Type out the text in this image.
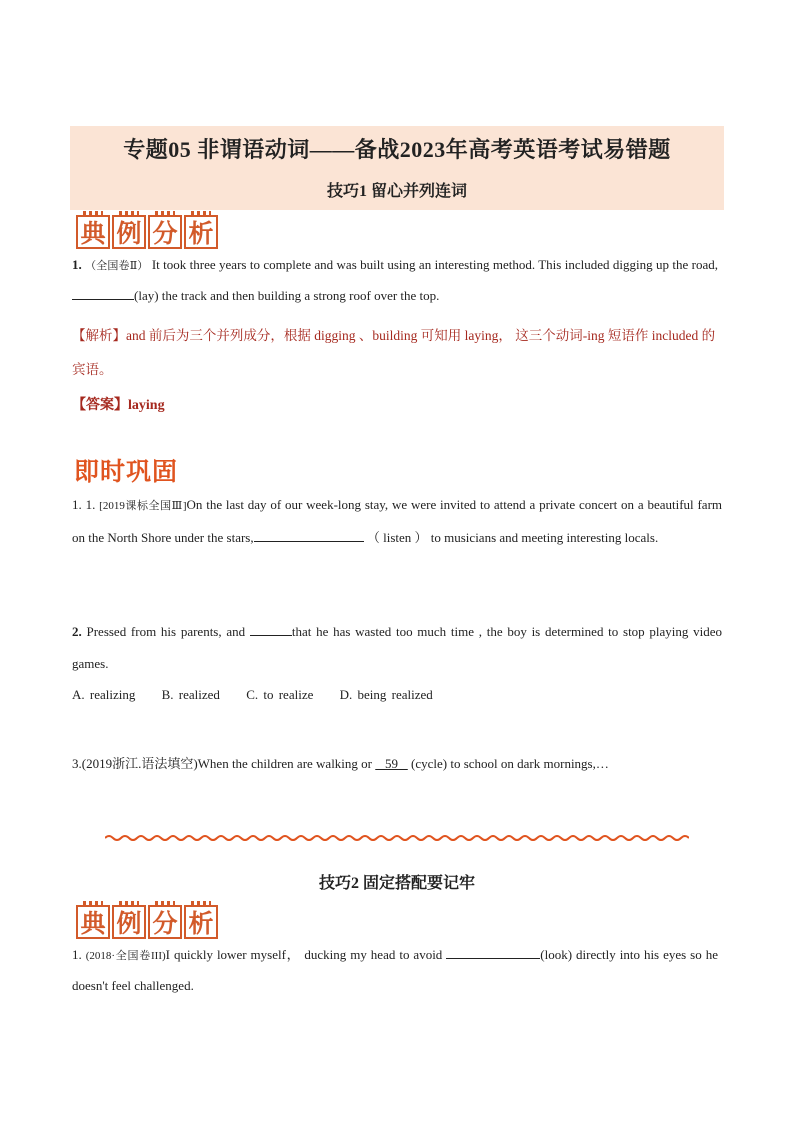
专题05 非谓语动词——备战2023年高考英语考试易错题
技巧1 留心并列连词
典 例 分 析
1. （全国卷Ⅱ） It took three years to complete and was built using an interesting method. This included digging up the road, (lay) the track and then building a strong roof over the top.
【解析】and 前后为三个并列成分，根据 digging 、building 可知用 laying， 这三个动词-ing 短语作 included 的宾语。
【答案】laying
即时巩固
1. 1. [2019课标全国Ⅲ]On the last day of our week-long stay, we were invited to attend a private concert on a beautiful farm on the North Shore under the stars,	（ listen ） to musicians and meeting interesting locals.
2. Pressed from his parents, and	that he has wasted too much time , the boy is determined to stop playing video games.
A. realizing B. realized C. to realize D. being realized
3.(2019浙江.语法填空)When the children are walking or 59 (cycle) to school on dark mornings,…
技巧2 固定搭配要记牢
典 例 分 析
1. (2018·全国卷III)I quickly lower myself， ducking my head to avoid	(look) directly into his eyes so he doesn't feel challenged.
